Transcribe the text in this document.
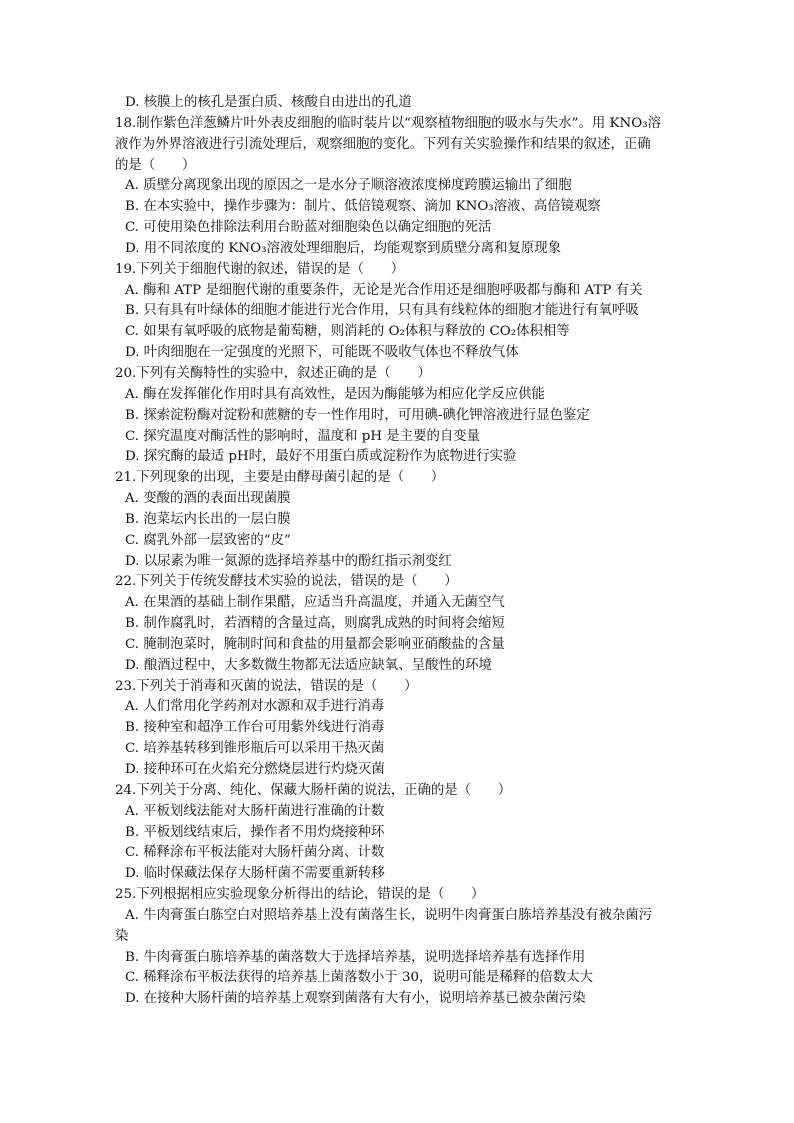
D. 核膜上的核孔是蛋白质、核酸自由进出的孔道
18.制作紫色洋葱鳞片叶外表皮细胞的临时装片以“观察植物细胞的吸水与失水”。用 KNO₃溶
液作为外界溶液进行引流处理后，观察细胞的变化。下列有关实验操作和结果的叙述，正确
的是（　　）
A. 质壁分离现象出现的原因之一是水分子顺溶液浓度梯度跨膜运输出了细胞
B. 在本实验中，操作步骤为：制片、低倍镜观察、滴加 KNO₃溶液、高倍镜观察
C. 可使用染色排除法利用台盼蓝对细胞染色以确定细胞的死活
D. 用不同浓度的 KNO₃溶液处理细胞后，均能观察到质壁分离和复原现象
19.下列关于细胞代谢的叙述，错误的是（　　）
A. 酶和 ATP 是细胞代谢的重要条件，无论是光合作用还是细胞呼吸都与酶和 ATP 有关
B. 只有具有叶绿体的细胞才能进行光合作用，只有具有线粒体的细胞才能进行有氧呼吸
C. 如果有氧呼吸的底物是葡萄糖，则消耗的 O₂体积与释放的 CO₂体积相等
D. 叶肉细胞在一定强度的光照下，可能既不吸收气体也不释放气体
20.下列有关酶特性的实验中，叙述正确的是（　　）
A. 酶在发挥催化作用时具有高效性，是因为酶能够为相应化学反应供能
B. 探索淀粉酶对淀粉和蔗糖的专一性作用时，可用碘-碘化钾溶液进行显色鉴定
C. 探究温度对酶活性的影响时，温度和 pH 是主要的自变量
D. 探究酶的最适 pH时，最好不用蛋白质或淀粉作为底物进行实验
21.下列现象的出现，主要是由酵母菌引起的是（　　）
A. 变酸的酒的表面出现菌膜
B. 泡菜坛内长出的一层白膜
C. 腐乳外部一层致密的“皮”
D. 以尿素为唯一氮源的选择培养基中的酚红指示剂变红
22.下列关于传统发酵技术实验的说法，错误的是（　　）
A. 在果酒的基础上制作果醋，应适当升高温度，并通入无菌空气
B. 制作腐乳时，若酒精的含量过高，则腐乳成熟的时间将会缩短
C. 腌制泡菜时，腌制时间和食盐的用量都会影响亚硝酸盐的含量
D. 酿酒过程中，大多数微生物都无法适应缺氧、呈酸性的环境
23.下列关于消毒和灭菌的说法，错误的是（　　）
A. 人们常用化学药剂对水源和双手进行消毒
B. 接种室和超净工作台可用紫外线进行消毒
C. 培养基转移到锥形瓶后可以采用干热灭菌
D. 接种环可在火焰充分燃烧层进行灼烧灭菌
24.下列关于分离、纯化、保藏大肠杆菌的说法，正确的是（　　）
A. 平板划线法能对大肠杆菌进行准确的计数
B. 平板划线结束后，操作者不用灼烧接种环
C. 稀释涂布平板法能对大肠杆菌分离、计数
D. 临时保藏法保存大肠杆菌不需要重新转移
25.下列根据相应实验现象分析得出的结论，错误的是（　　）
A. 牛肉膏蛋白胨空白对照培养基上没有菌落生长，说明牛肉膏蛋白胨培养基没有被杂菌污
染
B. 牛肉膏蛋白胨培养基的菌落数大于选择培养基，说明选择培养基有选择作用
C. 稀释涂布平板法获得的培养基上菌落数小于 30，说明可能是稀释的倍数太大
D. 在接种大肠杆菌的培养基上观察到菌落有大有小，说明培养基已被杂菌污染
